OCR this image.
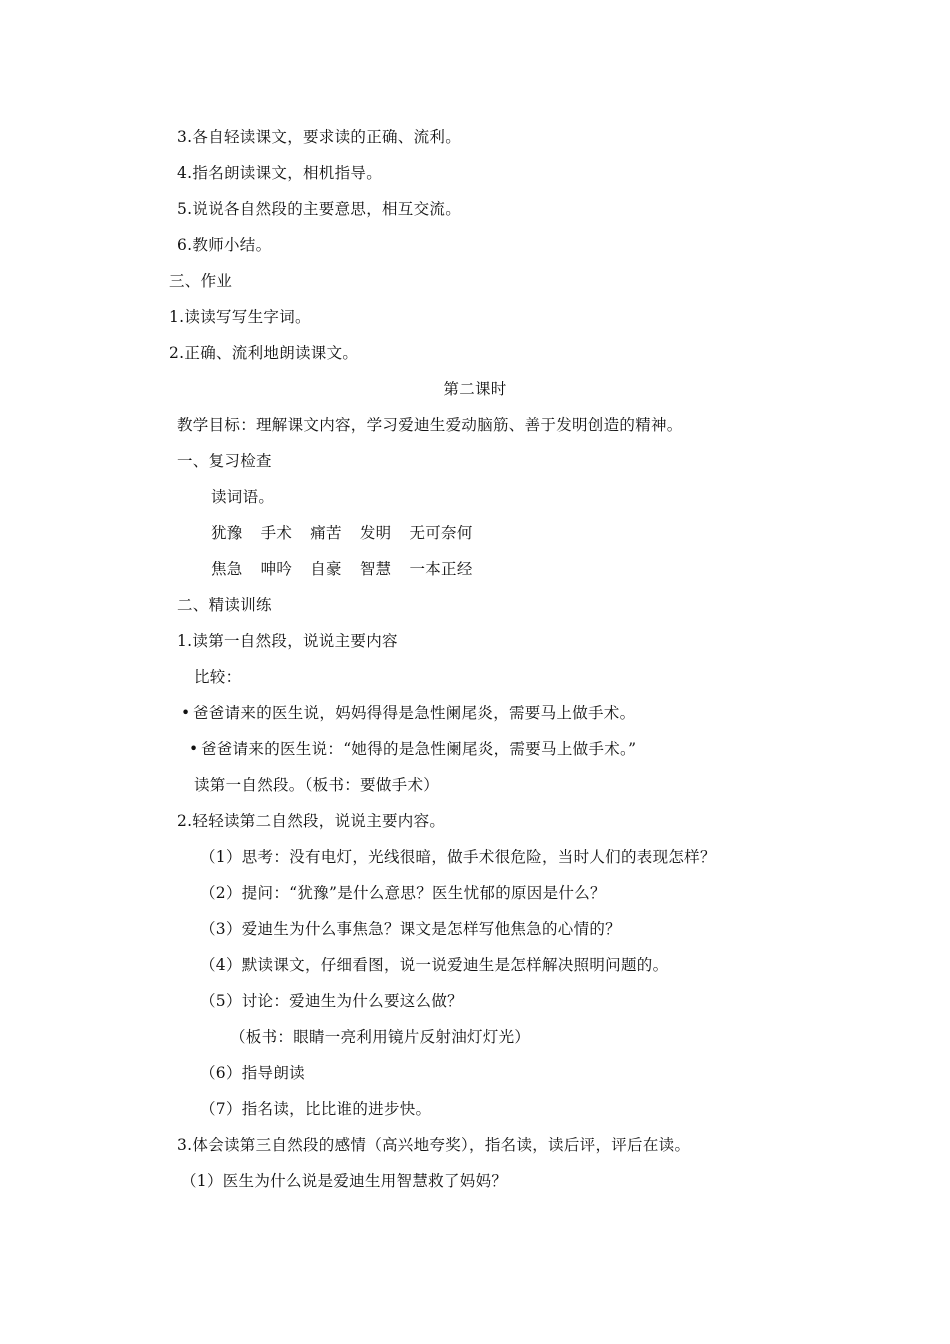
3.各自轻读课文，要求读的正确、流利。
4.指名朗读课文，相机指导。
5.说说各自然段的主要意思，相互交流。
6.教师小结。
三、作业
1.读读写写生字词。
2.正确、流利地朗读课文。
第二课时
教学目标：理解课文内容，学习爱迪生爱动脑筋、善于发明创造的精神。
一、复习检查
读词语。
犹豫 手术 痛苦 发明 无可奈何
焦急 呻吟 自豪 智慧 一本正经
二、精读训练
1.读第一自然段，说说主要内容
比较：
• 爸爸请来的医生说，妈妈得得是急性阑尾炎，需要马上做手术。
• 爸爸请来的医生说：“她得的是急性阑尾炎，需要马上做手术。”
读第一自然段。（板书：要做手术）
2.轻轻读第二自然段，说说主要内容。
（1）思考：没有电灯，光线很暗，做手术很危险，当时人们的表现怎样？
（2）提问：“犹豫”是什么意思？医生忧郁的原因是什么？
（3）爱迪生为什么事焦急？课文是怎样写他焦急的心情的？
（4）默读课文，仔细看图，说一说爱迪生是怎样解决照明问题的。
（5）讨论：爱迪生为什么要这么做？
（板书：眼睛一亮利用镜片反射油灯灯光）
（6）指导朗读
（7）指名读，比比谁的进步快。
3.体会读第三自然段的感情（高兴地夸奖），指名读，读后评，评后在读。
（1）医生为什么说是爱迪生用智慧救了妈妈？
